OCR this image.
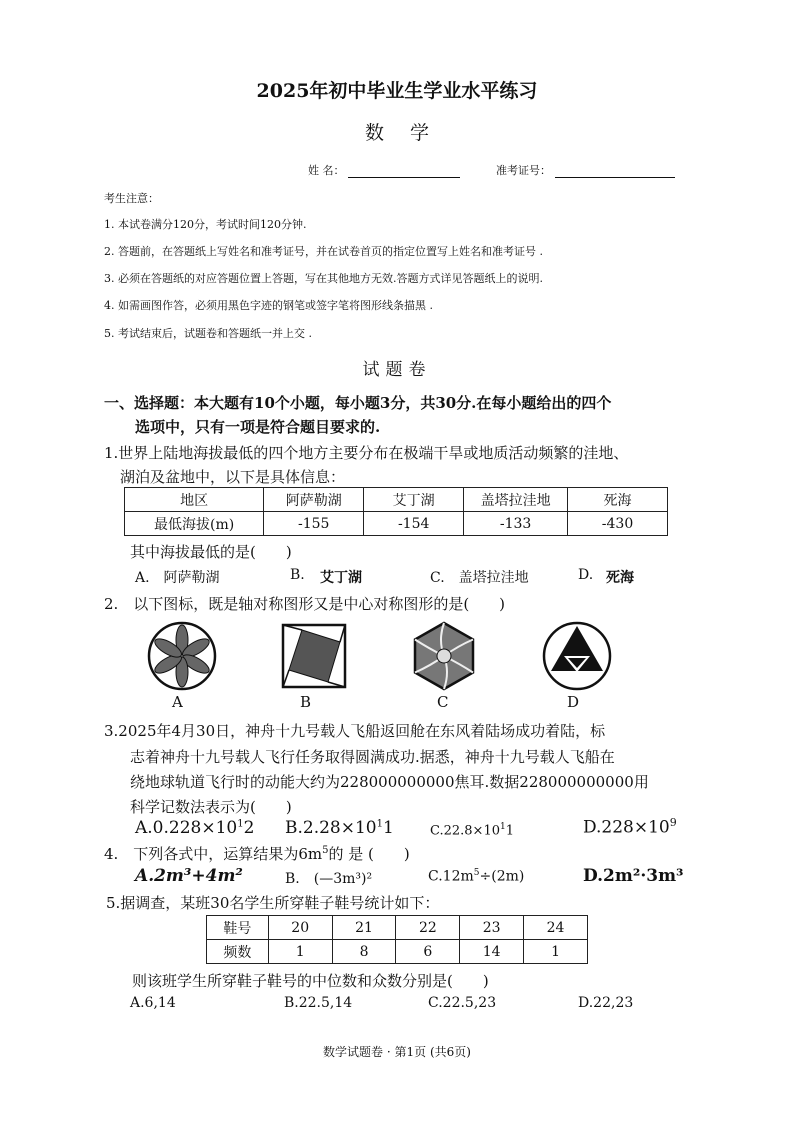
2025年初中毕业生学业水平练习
数学
姓 名：	准考证号：
考生注意：
1. 本试卷满分120分，考试时间120分钟.
2. 答题前，在答题纸上写姓名和准考证号，并在试卷首页的指定位置写上姓名和准考证号 .
3. 必须在答题纸的对应答题位置上答题，写在其他地方无效.答题方式详见答题纸上的说明.
4. 如需画图作答，必须用黑色字迹的钢笔或签字笔将图形线条描黑 .
5. 考试结束后，试题卷和答题纸一并上交 .
试题卷
一、选择题：本大题有10个小题，每小题3分，共30分.在每小题给出的四个
选项中，只有一项是符合题目要求的.
1.世界上陆地海拔最低的四个地方主要分布在极端干旱或地质活动频繁的洼地、
湖泊及盆地中，以下是具体信息：
地区	阿萨勒湖	艾丁湖	盖塔拉洼地	死海
最低海拔(m)	-155	-154	-133	-430
其中海拔最低的是(　　)
A.　阿萨勒湖	B. 艾丁湖	C.　盖塔拉洼地	D. 死海
2.　以下图标，既是轴对称图形又是中心对称图形的是(　　)
A	B	C	D
3.2025年4月30日，神舟十九号载人飞船返回舱在东风着陆场成功着陆，标
志着神舟十九号载人飞行任务取得圆满成功.据悉，神舟十九号载人飞船在
绕地球轨道飞行时的动能大约为228000000000焦耳.数据228000000000用
科学记数法表示为(　　)
$A.0.228\times 10^12$ $B.2.28\times 10^11$	$C.22.8\times 10^11$	$D.228\times 10^9$
4.　下列各式中，运算结果为$6m^5$的 是 (　　)
A.2m³+4m²	B.　(—3m³)²	$C.12m^5\div(2m)$	D.2m²·3m³
5.据调查，某班30名学生所穿鞋子鞋号统计如下：
鞋号	20	21	22	23	24
频数	1	8	6	14	1
则该班学生所穿鞋子鞋号的中位数和众数分别是(　　)
A.6,14	B.22.5,14	C.22.5,23	D.22,23
数学试题卷 · 第1页 (共6页)
